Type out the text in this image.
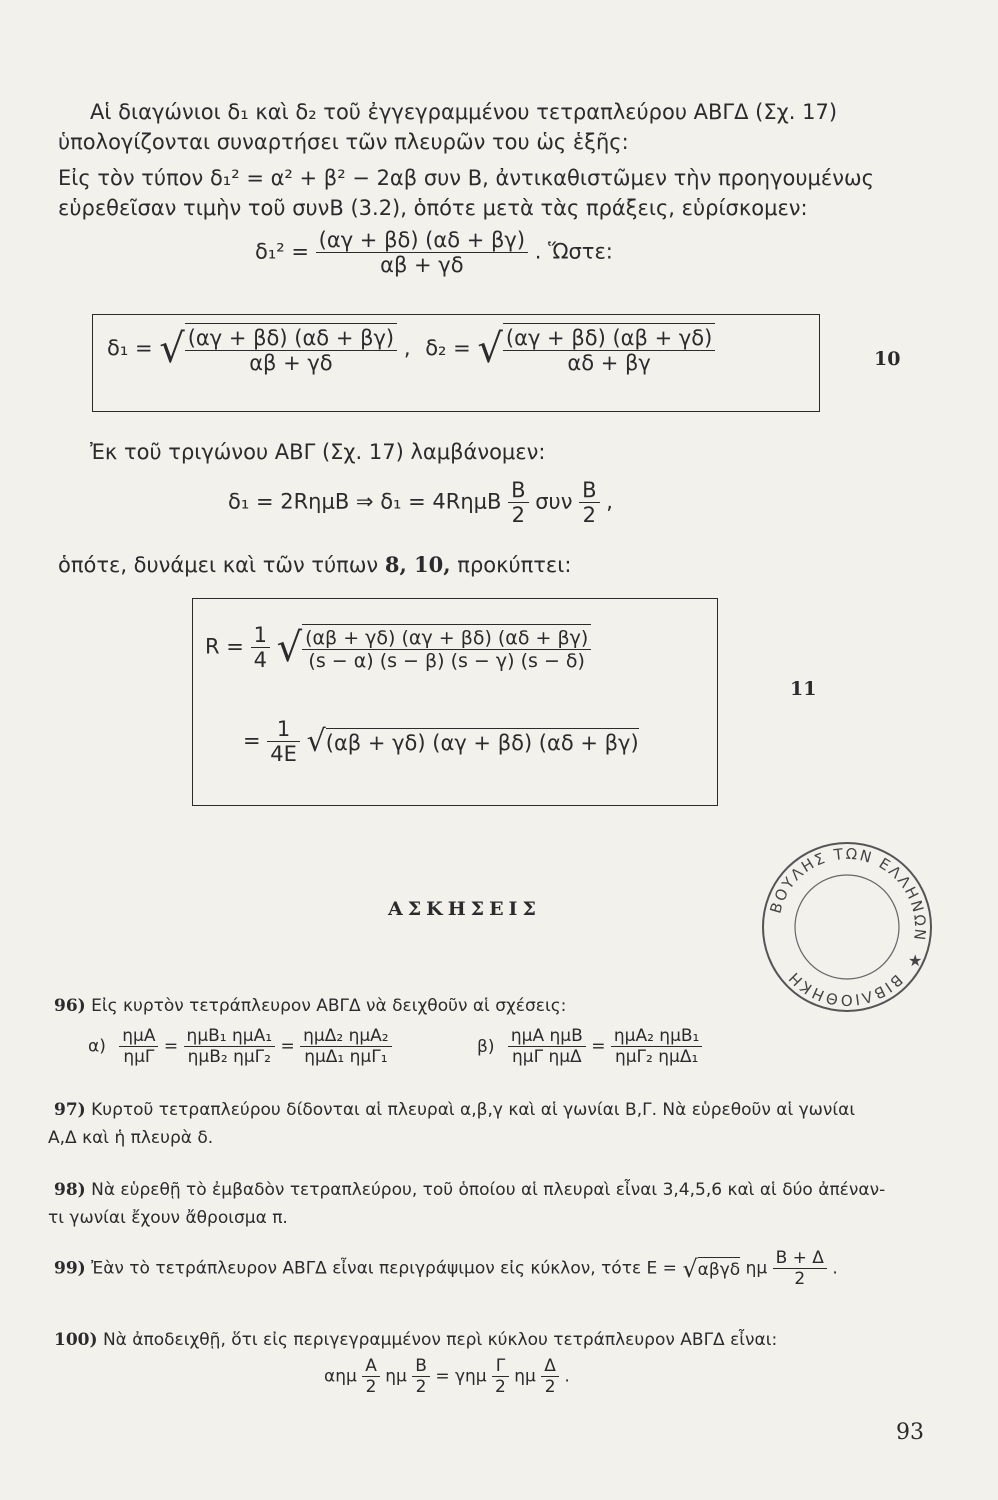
Αἱ διαγώνιοι δ₁ καὶ δ₂ τοῦ ἐγγεγραμμένου τετραπλεύρου ΑΒΓΔ (Σχ. 17)
ὑπολογίζονται συναρτήσει τῶν πλευρῶν του ὡς ἑξῆς:
Εἰς τὸν τύπον δ₁² = α² + β² − 2αβ συν Β, ἀντικαθιστῶμεν τὴν προηγουμένως
εὑρεθεῖσαν τιμὴν τοῦ συνΒ (3.2), ὁπότε μετὰ τὰς πράξεις, εὑρίσκομεν:
$\delta_1^2 = \frac{(\alpha\gamma + \beta\delta) (\alpha\delta + \beta\gamma)}{\alpha\beta + \gamma\delta}$ . Ὥστε:
δ₁ = √ $\frac{(\alpha\gamma + \beta\delta) (\alpha\delta + \beta\gamma)}{\alpha\beta + \gamma\delta}$ , δ₂ = √ $\frac{(\alpha\gamma + \beta\delta) (\alpha\beta + \gamma\delta)}{\alpha\delta + \beta\gamma}$	10
Ἐκ τοῦ τριγώνου ΑΒΓ (Σχ. 17) λαμβάνομεν:
δ₁ = 2RημΒ ⇒ $\delta_1 = 4R\eta\mu B \frac{B}{2}$ συν $\frac{B}{2}$ ,
ὁπότε, δυνάμει καὶ τῶν τύπων 8, 10, προκύπτει:
$R = \frac{1}{4}$ √ $\frac{(\alpha\beta + \gamma\delta) (\alpha\gamma + \beta\delta) (\alpha\delta + \beta\gamma)}{(s - \alpha) (s - \beta) (s - \gamma) (s - \delta)}$
= $\frac{1}{4E} √(\alpha\beta + \gamma\delta) (\alpha\gamma + \beta\delta) (\alpha\delta + \beta\gamma)$
11
ΑΣΚΗΣΕΙΣ	ΒΟΥΛΗΣ ΤΩΝ ΕΛΛΗΝΩΝ
ΒΙΒΛΙΟΘΗΚΗ
★
96) Εἰς κυρτὸν τετράπλευρον ΑΒΓΔ νὰ δειχθοῦν αἱ σχέσεις:
$\alpha) \frac{\text{ημΑ}}{\text{ημΓ}} = \frac{\text{ημΒ₁ ημΑ₁}}{\text{ημΒ₂ ημΓ₂}} = \frac{\text{ημΔ₂ ημΑ₂}}{\text{ημΔ₁ ημΓ₁}}$	$\beta) \frac{\text{ημΑ ημΒ}}{\text{ημΓ ημΔ}} = \frac{\text{ημΑ₂ ημΒ₁}}{\text{ημΓ₂ ημΔ₁}}$
97) Κυρτοῦ τετραπλεύρου δίδονται αἱ πλευραὶ α,β,γ καὶ αἱ γωνίαι Β,Γ. Νὰ εὑρεθοῦν αἱ γωνίαι
Α,Δ καὶ ἡ πλευρὰ δ.
98) Νὰ εὑρεθῇ τὸ ἐμβαδὸν τετραπλεύρου, τοῦ ὁποίου αἱ πλευραὶ εἶναι 3,4,5,6 καὶ αἱ δύο ἀπέναν-
τι γωνίαι ἔχουν ἄθροισμα π.
99) Ἐὰν τὸ τετράπλευρον ΑΒΓΔ εἶναι περιγράψιμον εἰς κύκλον, τότε Ε = √αβγδ ημ $\frac{B + \Delta}{2}$ .
100) Νὰ ἀποδειχθῇ, ὅτι εἰς περιγεγραμμένον περὶ κύκλου τετράπλευρον ΑΒΓΔ εἶναι:
αημ $\frac{A}{2}$ ημ $\frac{B}{2} = \gamma\eta\mu \frac{\Gamma}{2}$ ημ $\frac{\Delta}{2}$ .
93
